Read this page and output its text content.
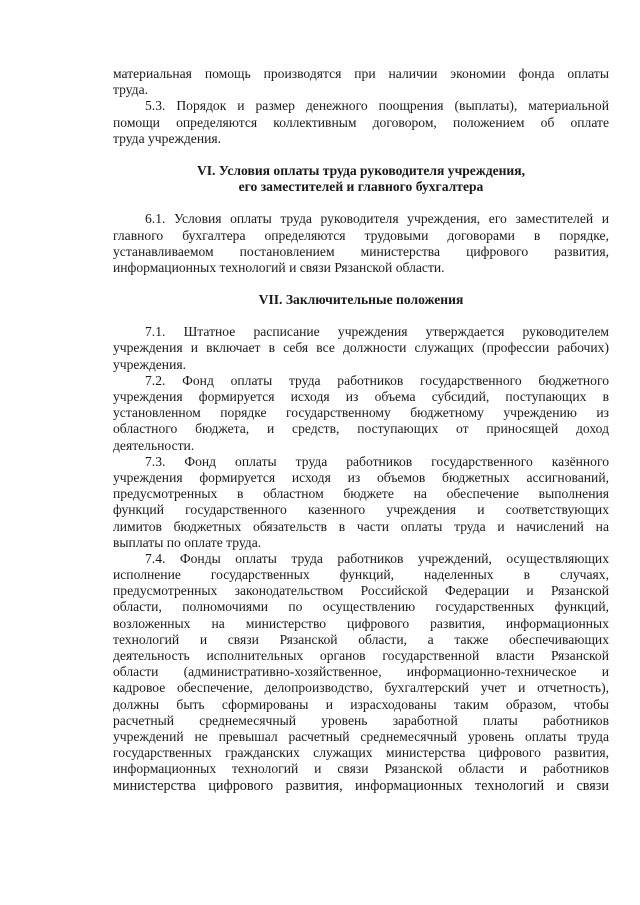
материальная помощь производятся при наличии экономии фонда оплаты
труда.
5.3. Порядок и размер денежного поощрения (выплаты), материальной
помощи определяются коллективным договором, положением об оплате
труда учреждения.
VI. Условия оплаты труда руководителя учреждения,
его заместителей и главного бухгалтера
6.1. Условия оплаты труда руководителя учреждения, его заместителей и
главного бухгалтера определяются трудовыми договорами в порядке,
устанавливаемом постановлением министерства цифрового развития,
информационных технологий и связи Рязанской области.
VII. Заключительные положения
7.1. Штатное расписание учреждения утверждается руководителем
учреждения и включает в себя все должности служащих (профессии рабочих)
учреждения.
7.2. Фонд оплаты труда работников государственного бюджетного
учреждения формируется исходя из объема субсидий, поступающих в
установленном порядке государственному бюджетному учреждению из
областного бюджета, и средств, поступающих от приносящей доход
деятельности.
7.3. Фонд оплаты труда работников государственного казённого
учреждения формируется исходя из объемов бюджетных ассигнований,
предусмотренных в областном бюджете на обеспечение выполнения
функций государственного казенного учреждения и соответствующих
лимитов бюджетных обязательств в части оплаты труда и начислений на
выплаты по оплате труда.
7.4. Фонды оплаты труда работников учреждений, осуществляющих
исполнение государственных функций, наделенных в случаях,
предусмотренных законодательством Российской Федерации и Рязанской
области, полномочиями по осуществлению государственных функций,
возложенных на министерство цифрового развития, информационных
технологий и связи Рязанской области, а также обеспечивающих
деятельность исполнительных органов государственной власти Рязанской
области (административно-хозяйственное, информационно-техническое и
кадровое обеспечение, делопроизводство, бухгалтерский учет и отчетность),
должны быть сформированы и израсходованы таким образом, чтобы
расчетный среднемесячный уровень заработной платы работников
учреждений не превышал расчетный среднемесячный уровень оплаты труда
государственных гражданских служащих министерства цифрового развития,
информационных технологий и связи Рязанской области и работников
министерства цифрового развития, информационных технологий и связи
